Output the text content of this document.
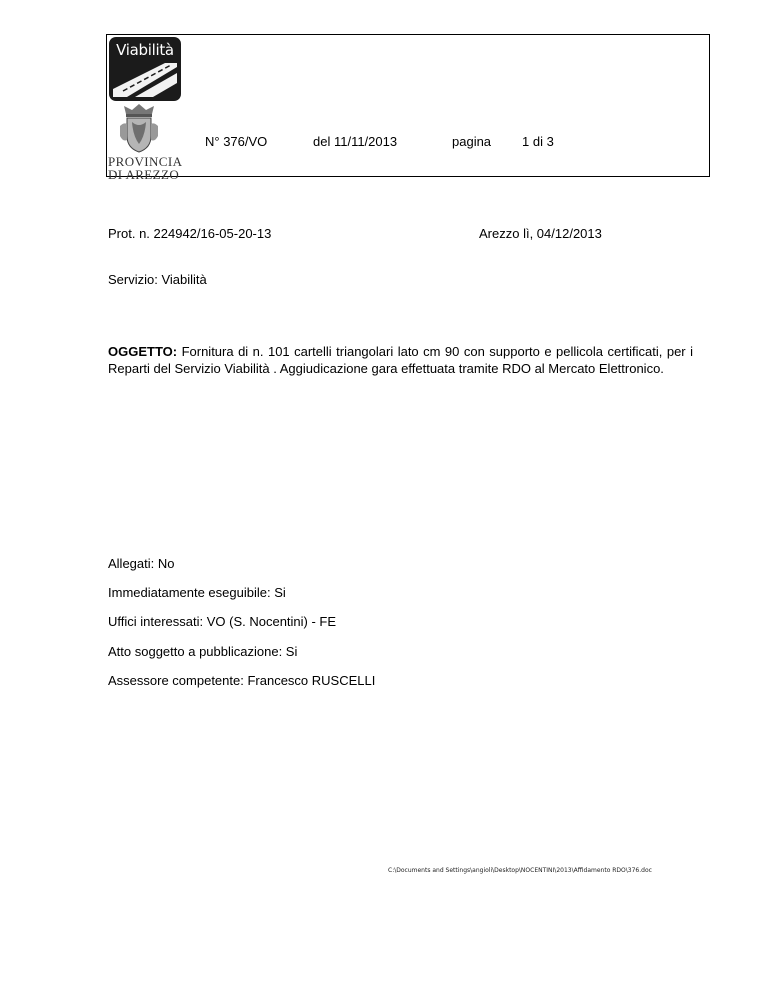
Viabilità
PROVINCIA
DI AREZZO
N° 376/VO	del 11/11/2013	pagina 1 di 3
Prot. n. 224942/16-05-20-13	Arezzo lì, 04/12/2013
Servizio: Viabilità
OGGETTO: Fornitura di n. 101 cartelli triangolari lato cm 90 con supporto e pellicola certificati, per i Reparti del Servizio Viabilità . Aggiudicazione gara effettuata tramite RDO al Mercato Elettronico.
Allegati: No
Immediatamente eseguibile: Si
Uffici interessati: VO (S. Nocentini) - FE
Atto soggetto a pubblicazione: Si
Assessore competente: Francesco RUSCELLI
C:\Documents and Settings\angioli\Desktop\NOCENTINI\2013\Affidamento RDO\376.doc
